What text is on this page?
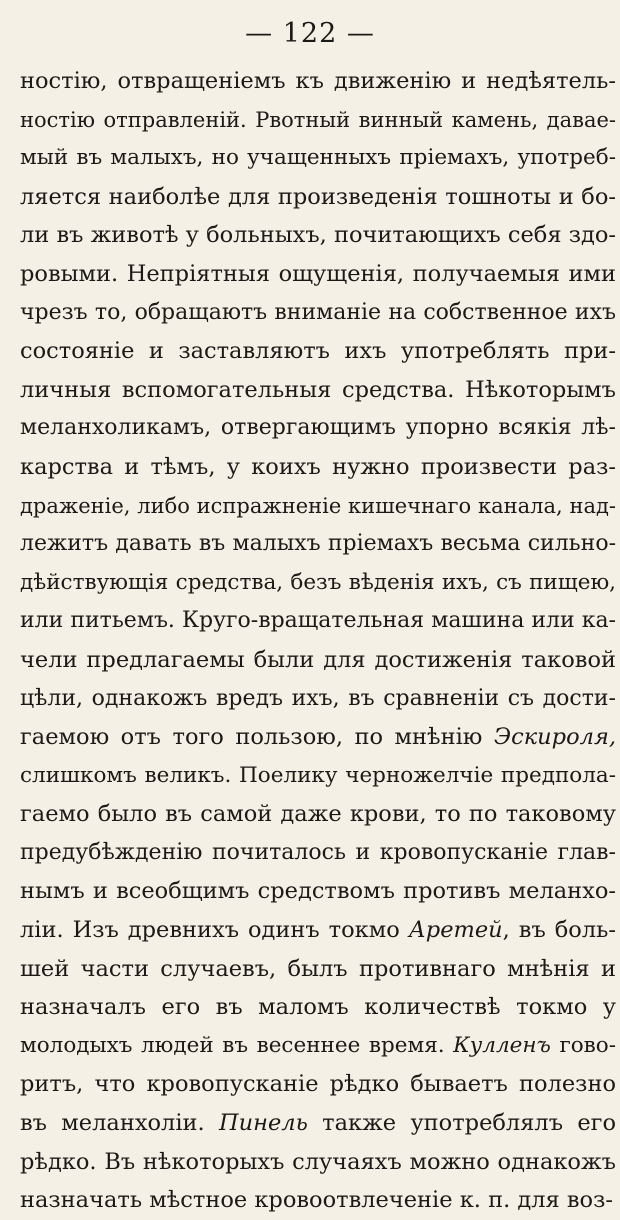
— 122 —
ностію, отвращеніемъ къ движенію и недѣятель-
ностію отправленій. Рвотный винный камень, давае-
мый въ малыхъ, но учащенныхъ пріемахъ, употреб-
ляется наиболѣе для произведенія тошноты и бо-
ли въ животѣ у больныхъ, почитающихъ себя здо-
ровыми. Непріятныя ощущенія, получаемыя ими
чрезъ то, обращаютъ вниманіе на собственное ихъ
состояніе и заставляютъ ихъ употреблять при-
личныя вспомогательныя средства. Нѣкоторымъ
меланхоликамъ, отвергающимъ упорно всякія лѣ-
карства и тѣмъ, у коихъ нужно произвести раз-
драженіе, либо испражненіе кишечнаго канала, над-
лежитъ давать въ малыхъ пріемахъ весьма сильно-
дѣйствующія средства, безъ вѣденія ихъ, съ пищею,
или питьемъ. Круго-вращательная машина или ка-
чели предлагаемы были для достиженія таковой
цѣли, однакожъ вредъ ихъ, въ сравненіи съ дости-
гаемою отъ того пользою, по мнѣнію Эскироля,
слишкомъ великъ. Поелику черножелчіе предпола-
гаемо было въ самой даже крови, то по таковому
предубѣжденію почиталось и кровопусканіе глав-
нымъ и всеобщимъ средствомъ противъ меланхо-
ліи. Изъ древнихъ одинъ токмо Аретей, въ боль-
шей части случаевъ, былъ противнаго мнѣнія и
назначалъ его въ маломъ количествѣ токмо у
молодыхъ людей въ весеннее время. Кулленъ гово-
ритъ, что кровопусканіе рѣдко бываетъ полезно
въ меланхоліи. Пинель также употреблялъ его
рѣдко. Въ нѣкоторыхъ случаяхъ можно однакожъ
назначать мѣстное кровоотвлеченіе к. п. для воз-
